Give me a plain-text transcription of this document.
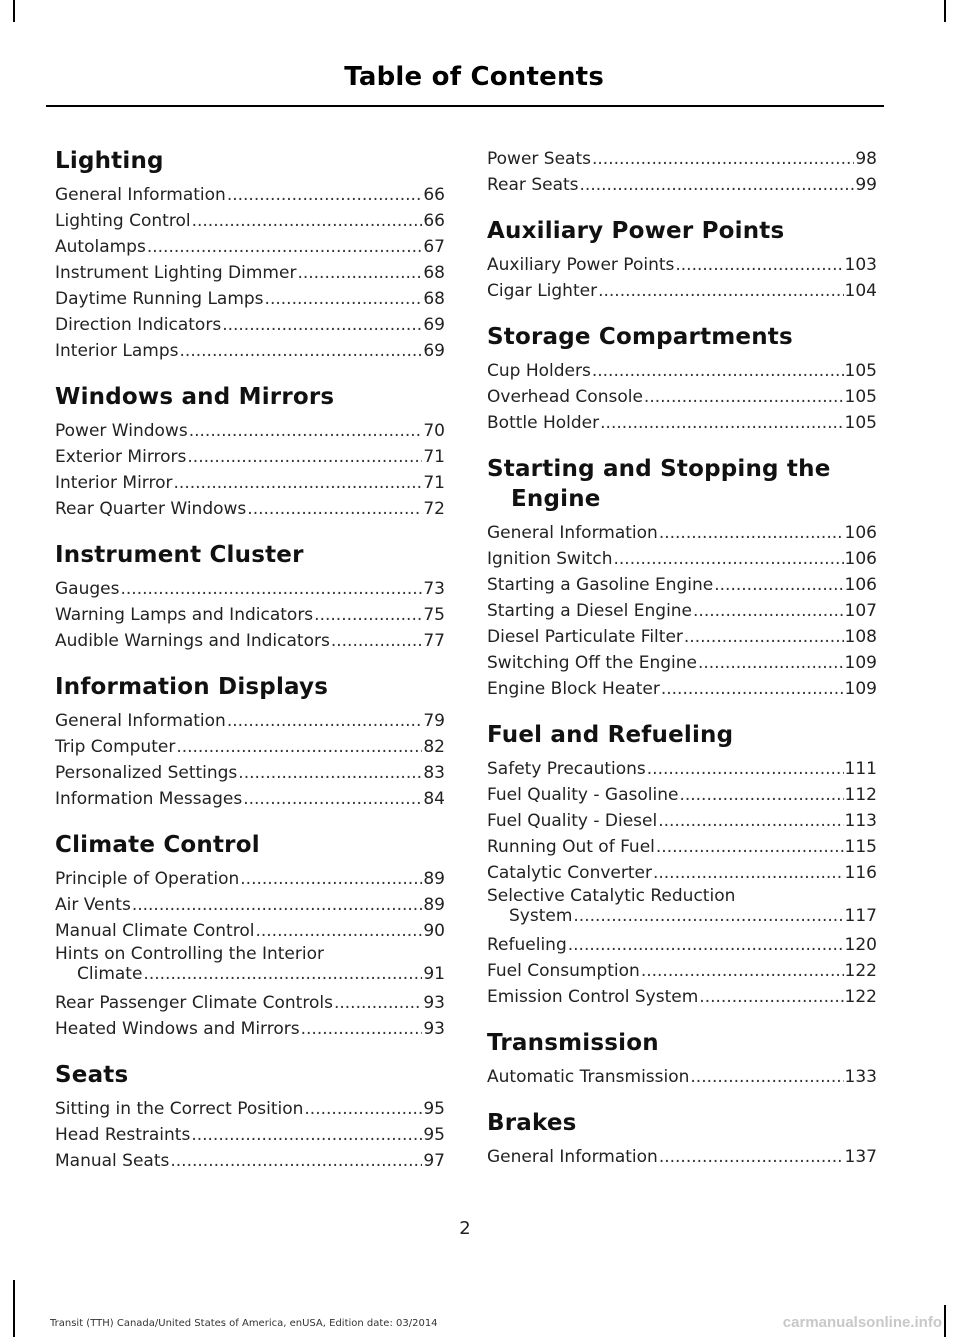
Table of Contents
Lighting
General Information .....	66
Lighting Control .....	66
Autolamps .....	67
Instrument Lighting Dimmer .....	68
Daytime Running Lamps .....	68
Direction Indicators .....	69
Interior Lamps .....	69
Windows and Mirrors
Power Windows .....	70
Exterior Mirrors .....	71
Interior Mirror .....	71
Rear Quarter Windows .....	72
Instrument Cluster
Gauges .....	73
Warning Lamps and Indicators .....	75
Audible Warnings and Indicators .....	77
Information Displays
General Information .....	79
Trip Computer .....	82
Personalized Settings .....	83
Information Messages .....	84
Climate Control
Principle of Operation .....	89
Air Vents .....	89
Manual Climate Control .....	90
Hints on Controlling the Interior
Climate .....	91
Rear Passenger Climate Controls .....	93
Heated Windows and Mirrors .....	93
Seats
Sitting in the Correct Position .....	95
Head Restraints .....	95
Manual Seats .....	97
Power Seats .....	98
Rear Seats .....	99
Auxiliary Power Points
Auxiliary Power Points .....	103
Cigar Lighter .....	104
Storage Compartments
Cup Holders .....	105
Overhead Console .....	105
Bottle Holder .....	105
Starting and Stopping the
Engine
General Information .....	106
Ignition Switch .....	106
Starting a Gasoline Engine .....	106
Starting a Diesel Engine .....	107
Diesel Particulate Filter .....	108
Switching Off the Engine .....	109
Engine Block Heater .....	109
Fuel and Refueling
Safety Precautions .....	111
Fuel Quality - Gasoline .....	112
Fuel Quality - Diesel .....	113
Running Out of Fuel .....	115
Catalytic Converter .....	116
Selective Catalytic Reduction
System .....	117
Refueling .....	120
Fuel Consumption .....	122
Emission Control System .....	122
Transmission
Automatic Transmission .....	133
Brakes
General Information .....	137
2
Transit (TTH) Canada/United States of America, enUSA, Edition date: 03/2014	carmanualsonline.info
